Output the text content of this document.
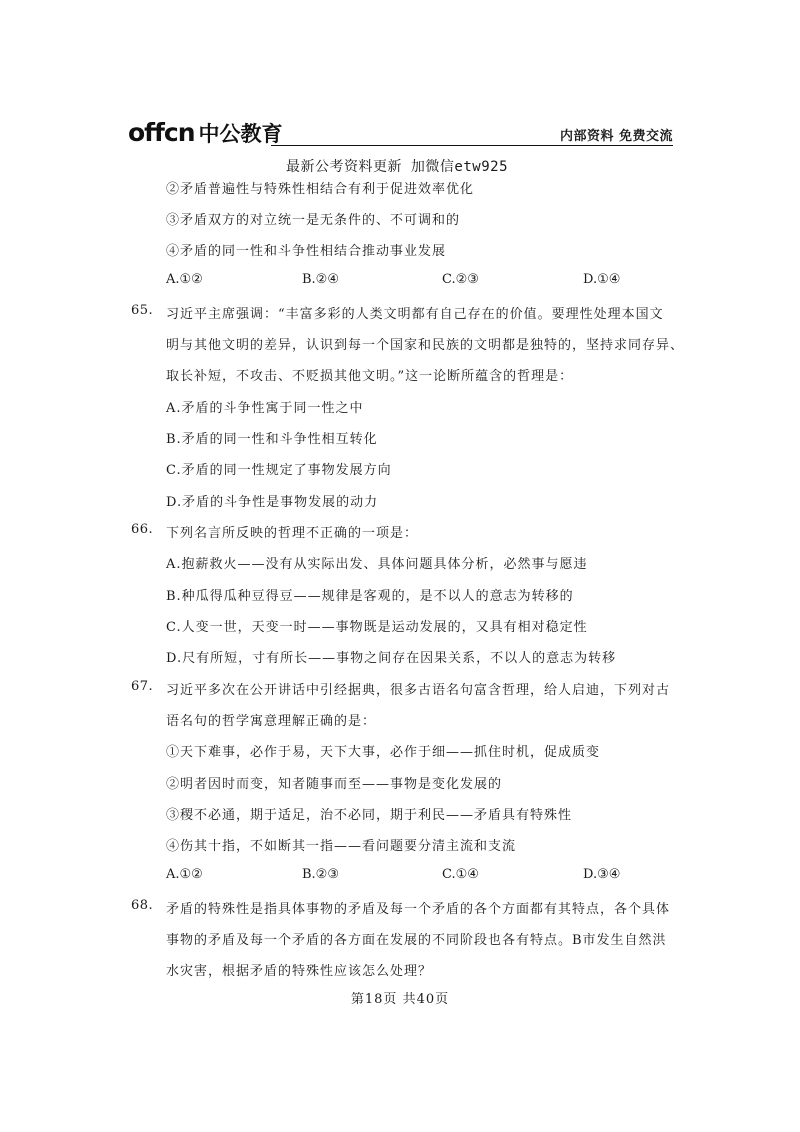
offcn 中公教育	内部资料 免费交流
最新公考资料更新 加微信etw925
②矛盾普遍性与特殊性相结合有利于促进效率优化
③矛盾双方的对立统一是无条件的、不可调和的
④矛盾的同一性和斗争性相结合推动事业发展
A.①②	B.②④	C.②③	D.①④
65. 习近平主席强调：“丰富多彩的人类文明都有自己存在的价值。要理性处理本国文
明与其他文明的差异，认识到每一个国家和民族的文明都是独特的，坚持求同存异、
取长补短，不攻击、不贬损其他文明。”这一论断所蕴含的哲理是：
A.矛盾的斗争性寓于同一性之中
B.矛盾的同一性和斗争性相互转化
C.矛盾的同一性规定了事物发展方向
D.矛盾的斗争性是事物发展的动力
66. 下列名言所反映的哲理不正确的一项是：
A.抱薪救火——没有从实际出发、具体问题具体分析，必然事与愿违
B.种瓜得瓜种豆得豆——规律是客观的，是不以人的意志为转移的
C.人变一世，天变一时——事物既是运动发展的，又具有相对稳定性
D.尺有所短，寸有所长——事物之间存在因果关系，不以人的意志为转移
67. 习近平多次在公开讲话中引经据典，很多古语名句富含哲理，给人启迪，下列对古
语名句的哲学寓意理解正确的是：
①天下难事，必作于易，天下大事，必作于细——抓住时机，促成质变
②明者因时而变，知者随事而至——事物是变化发展的
③稷不必通，期于适足，治不必同，期于利民——矛盾具有特殊性
④伤其十指，不如断其一指——看问题要分清主流和支流
A.①②	B.②③	C.①④	D.③④
68. 矛盾的特殊性是指具体事物的矛盾及每一个矛盾的各个方面都有其特点，各个具体
事物的矛盾及每一个矛盾的各方面在发展的不同阶段也各有特点。B市发生自然洪
水灾害，根据矛盾的特殊性应该怎么处理？
第18页 共40页
